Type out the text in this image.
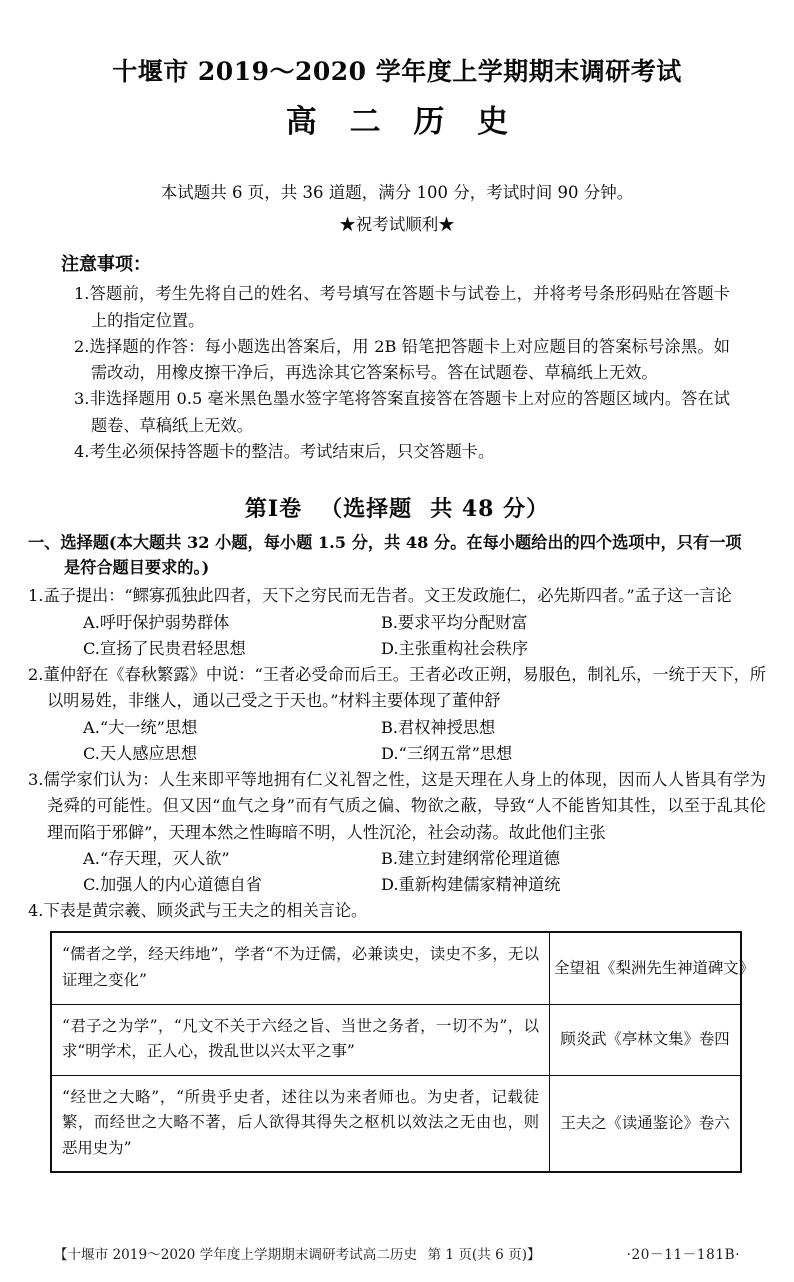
十堰市 2019～2020 学年度上学期期末调研考试
高 二 历 史

本试题共 6 页，共 36 道题，满分 100 分，考试时间 90 分钟。

★祝考试顺利★

注意事项：
1.答题前，考生先将自己的姓名、考号填写在答题卡与试卷上，并将考号条形码贴在答题卡上的指定位置。
2.选择题的作答：每小题选出答案后，用 2B 铅笔把答题卡上对应题目的答案标号涂黑。如需改动，用橡皮擦干净后，再选涂其它答案标号。答在试题卷、草稿纸上无效。
3.非选择题用 0.5 毫米黑色墨水签字笔将答案直接答在答题卡上对应的答题区域内。答在试题卷、草稿纸上无效。
4.考生必须保持答题卡的整洁。考试结束后，只交答题卡。
第Ⅰ卷 （选择题 共 48 分）
一、选择题(本大题共 32 小题，每小题 1.5 分，共 48 分。在每小题给出的四个选项中，只有一项
是符合题目要求的。)
1.孟子提出：“鳏寡孤独此四者，天下之穷民而无告者。文王发政施仁，必先斯四者。”孟子这一言论
A.呼吁保护弱势群体	B.要求平均分配财富
C.宣扬了民贵君轻思想	D.主张重构社会秩序
2.董仲舒在《春秋繁露》中说：“王者必受命而后王。王者必改正朔，易服色，制礼乐，一统于天下，所以明易姓，非继人，通以己受之于天也。”材料主要体现了董仲舒
A.“大一统”思想	B.君权神授思想
C.天人感应思想	D.“三纲五常”思想
3.儒学家们认为：人生来即平等地拥有仁义礼智之性，这是天理在人身上的体现，因而人人皆具有学为尧舜的可能性。但又因“血气之身”而有气质之偏、物欲之蔽，导致“人不能皆知其性，以至于乱其伦理而陷于邪僻”，天理本然之性晦暗不明，人性沉沦，社会动荡。故此他们主张
A.“存天理，灭人欲”	B.建立封建纲常伦理道德
C.加强人的内心道德自省	D.重新构建儒家精神道统
4.下表是黄宗羲、顾炎武与王夫之的相关言论。
“儒者之学，经天纬地”，学者“不为迂儒，必兼读史，读史不多，无以证理之变化”	全望祖《梨洲先生神道碑文》
“君子之为学”，“凡文不关于六经之旨、当世之务者，一切不为”，以求“明学术，正人心，拨乱世以兴太平之事”	顾炎武《亭林文集》卷四
“经世之大略”，“所贵乎史者，述往以为来者师也。为史者，记载徒繁，而经世之大略不著，后人欲得其得失之枢机以效法之无由也，则恶用史为”	王夫之《读通鉴论》卷六
【十堰市 2019～2020 学年度上学期期末调研考试高二历史 第 1 页(共 6 页)】	·20－11－181B·
